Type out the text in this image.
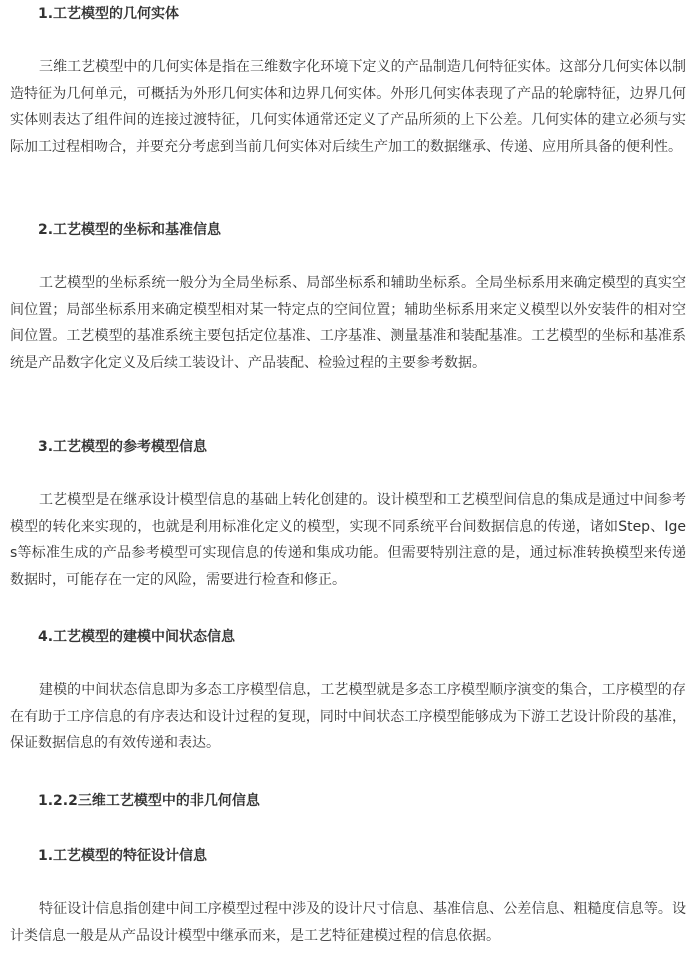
1.工艺模型的几何实体

三维工艺模型中的几何实体是指在三维数字化环境下定义的产品制造几何特征实体。这部分几何实体以制造特征为几何单元，可概括为外形几何实体和边界几何实体。外形几何实体表现了产品的轮廓特征，边界几何实体则表达了组件间的连接过渡特征，几何实体通常还定义了产品所须的上下公差。几何实体的建立必须与实际加工过程相吻合，并要充分考虑到当前几何实体对后续生产加工的数据继承、传递、应用所具备的便利性。

2.工艺模型的坐标和基准信息

工艺模型的坐标系统一般分为全局坐标系、局部坐标系和辅助坐标系。全局坐标系用来确定模型的真实空间位置；局部坐标系用来确定模型相对某一特定点的空间位置；辅助坐标系用来定义模型以外安装件的相对空间位置。工艺模型的基准系统主要包括定位基准、工序基准、测量基准和装配基准。工艺模型的坐标和基准系统是产品数字化定义及后续工装设计、产品装配、检验过程的主要参考数据。

3.工艺模型的参考模型信息

工艺模型是在继承设计模型信息的基础上转化创建的。设计模型和工艺模型间信息的集成是通过中间参考模型的转化来实现的，也就是利用标准化定义的模型，实现不同系统平台间数据信息的传递，诸如Step、Iges等标准生成的产品参考模型可实现信息的传递和集成功能。但需要特别注意的是，通过标准转换模型来传递数据时，可能存在一定的风险，需要进行检查和修正。

4.工艺模型的建模中间状态信息

建模的中间状态信息即为多态工序模型信息，工艺模型就是多态工序模型顺序演变的集合，工序模型的存在有助于工序信息的有序表达和设计过程的复现，同时中间状态工序模型能够成为下游工艺设计阶段的基准，保证数据信息的有效传递和表达。

1.2.2三维工艺模型中的非几何信息
1.工艺模型的特征设计信息

特征设计信息指创建中间工序模型过程中涉及的设计尺寸信息、基准信息、公差信息、粗糙度信息等。设计类信息一般是从产品设计模型中继承而来，是工艺特征建模过程的信息依据。
